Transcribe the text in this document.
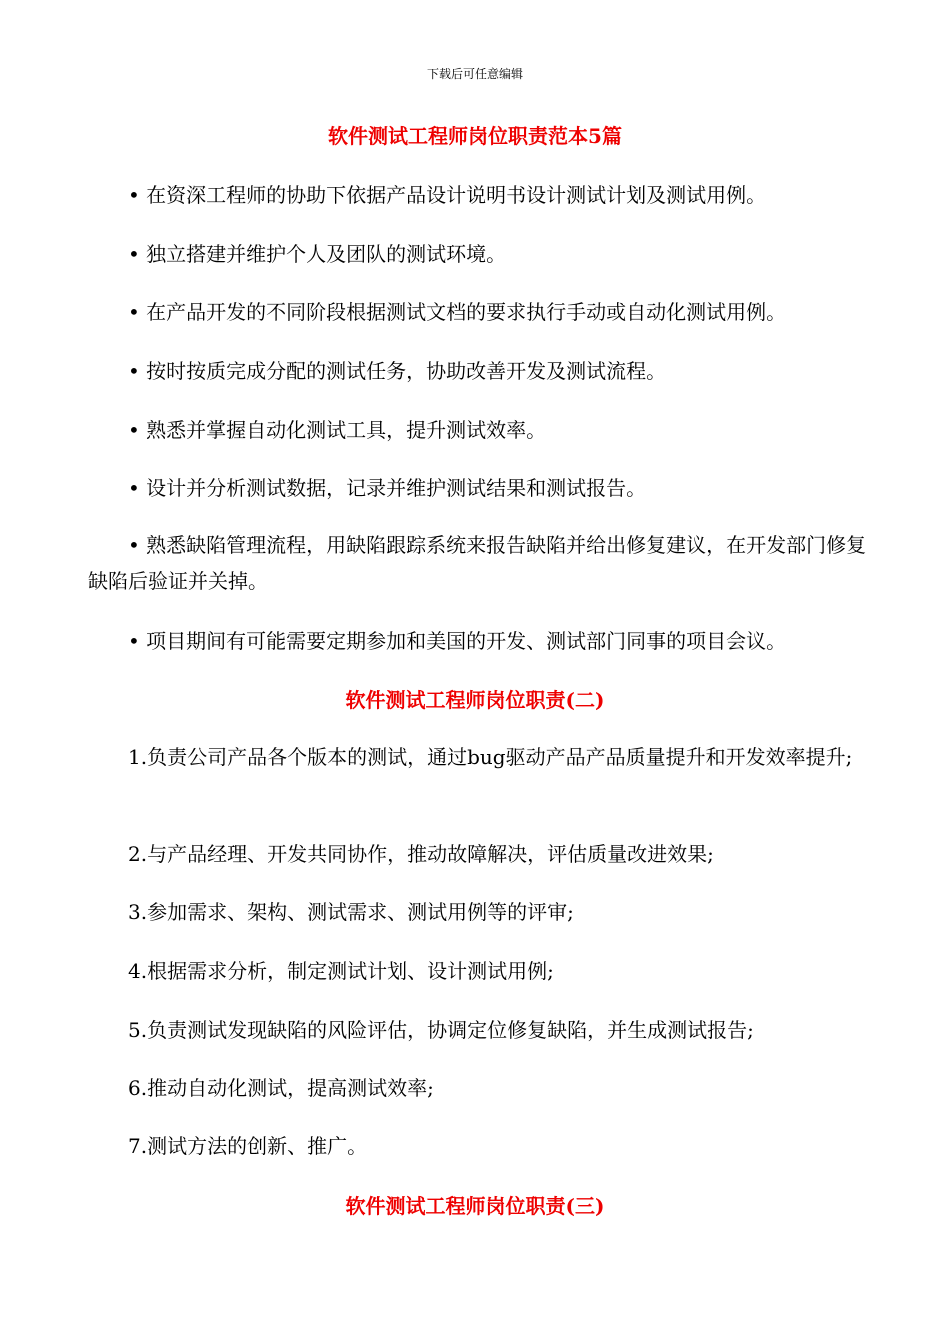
下载后可任意编辑
软件测试工程师岗位职责范本5篇
• 在资深工程师的协助下依据产品设计说明书设计测试计划及测试用例。
• 独立搭建并维护个人及团队的测试环境。
• 在产品开发的不同阶段根据测试文档的要求执行手动或自动化测试用例。
• 按时按质完成分配的测试任务，协助改善开发及测试流程。
• 熟悉并掌握自动化测试工具，提升测试效率。
• 设计并分析测试数据，记录并维护测试结果和测试报告。
• 熟悉缺陷管理流程，用缺陷跟踪系统来报告缺陷并给出修复建议，在开发部门修复缺陷后验证并关掉。
• 项目期间有可能需要定期参加和美国的开发、测试部门同事的项目会议。
软件测试工程师岗位职责(二)
1.负责公司产品各个版本的测试，通过bug驱动产品产品质量提升和开发效率提升;
2.与产品经理、开发共同协作，推动故障解决，评估质量改进效果;
3.参加需求、架构、测试需求、测试用例等的评审;
4.根据需求分析，制定测试计划、设计测试用例;
5.负责测试发现缺陷的风险评估，协调定位修复缺陷，并生成测试报告;
6.推动自动化测试，提高测试效率;
7.测试方法的创新、推广。
软件测试工程师岗位职责(三)
